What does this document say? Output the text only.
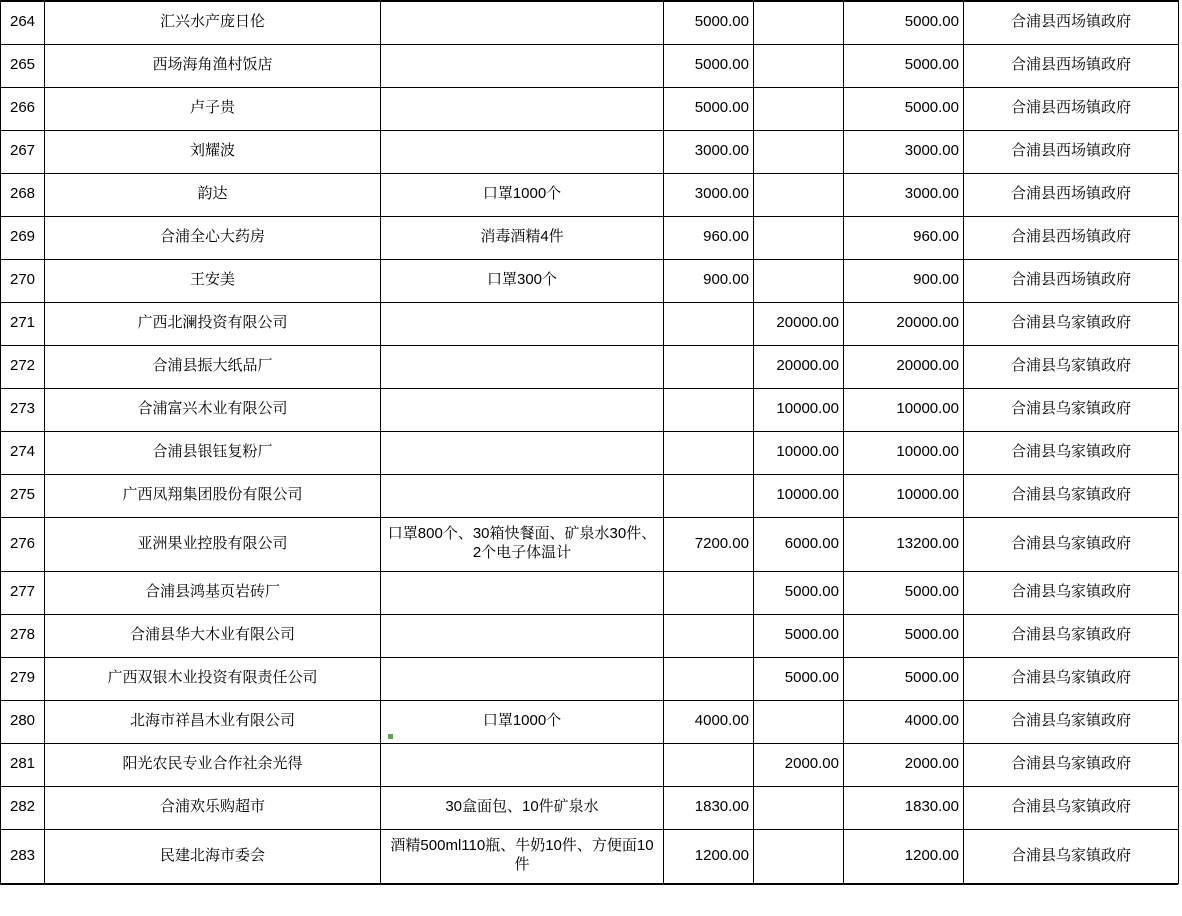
264	汇兴水产庞日伦		5000.00		5000.00	合浦县西场镇政府
265	西场海角渔村饭店		5000.00		5000.00	合浦县西场镇政府
266	卢子贵		5000.00		5000.00	合浦县西场镇政府
267	刘耀波		3000.00		3000.00	合浦县西场镇政府
268	韵达	口罩1000个	3000.00		3000.00	合浦县西场镇政府
269	合浦全心大药房	消毒酒精4件	960.00		960.00	合浦县西场镇政府
270	王安美	口罩300个	900.00		900.00	合浦县西场镇政府
271	广西北澜投资有限公司			20000.00	20000.00	合浦县乌家镇政府
272	合浦县振大纸品厂			20000.00	20000.00	合浦县乌家镇政府
273	合浦富兴木业有限公司			10000.00	10000.00	合浦县乌家镇政府
274	合浦县银钰复粉厂			10000.00	10000.00	合浦县乌家镇政府
275	广西凤翔集团股份有限公司			10000.00	10000.00	合浦县乌家镇政府
276	亚洲果业控股有限公司	口罩800个、30箱快餐面、矿泉水30件、2个电子体温计	7200.00	6000.00	13200.00	合浦县乌家镇政府
277	合浦县鸿基页岩砖厂			5000.00	5000.00	合浦县乌家镇政府
278	合浦县华大木业有限公司			5000.00	5000.00	合浦县乌家镇政府
279	广西双银木业投资有限责任公司			5000.00	5000.00	合浦县乌家镇政府
280	北海市祥昌木业有限公司	口罩1000个	4000.00		4000.00	合浦县乌家镇政府
281	阳光农民专业合作社余光得			2000.00	2000.00	合浦县乌家镇政府
282	合浦欢乐购超市	30盒面包、10件矿泉水	1830.00		1830.00	合浦县乌家镇政府
283	民建北海市委会	酒精500ml110瓶、牛奶10件、方便面10件	1200.00		1200.00	合浦县乌家镇政府
